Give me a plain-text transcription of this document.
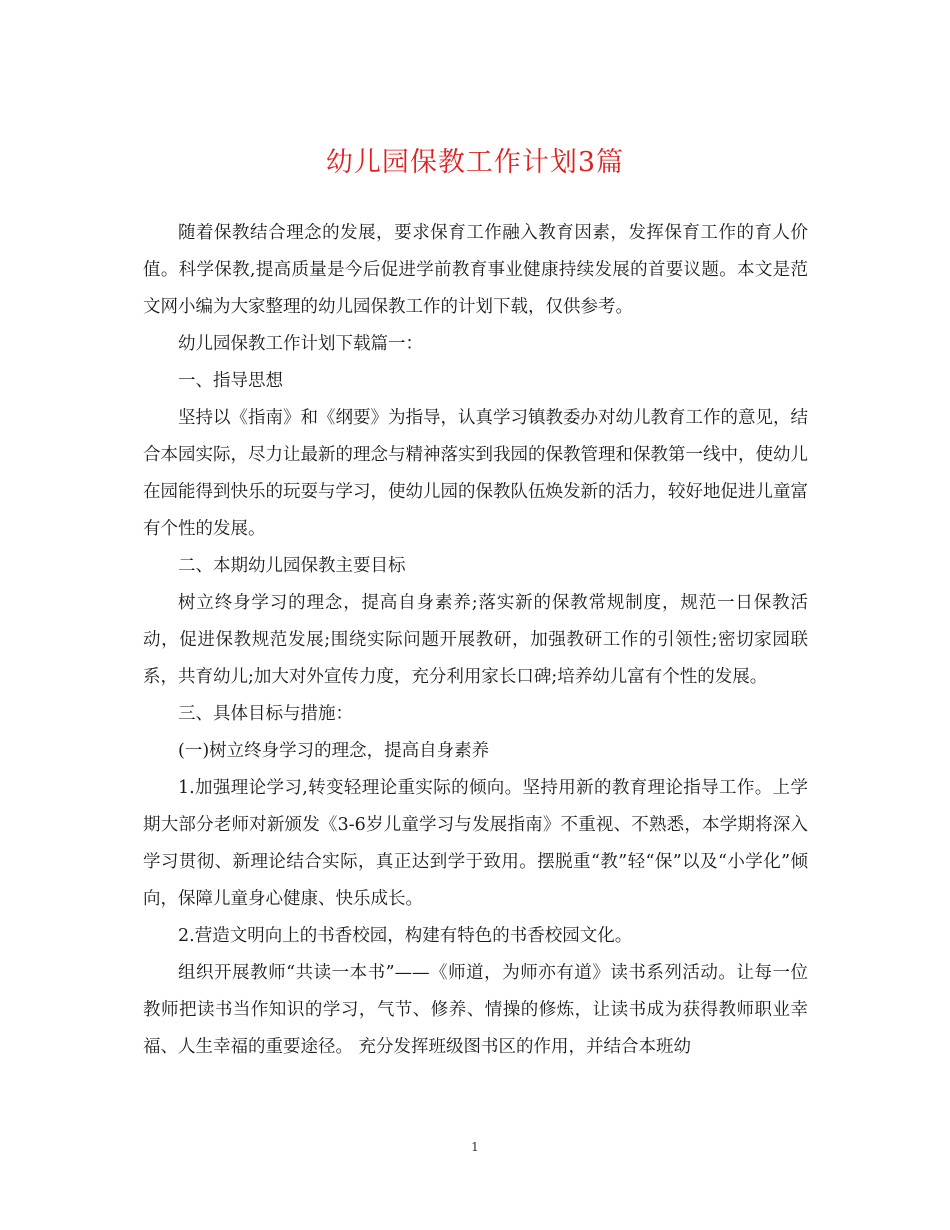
幼儿园保教工作计划3篇

随着保教结合理念的发展，要求保育工作融入教育因素，发挥保育工作的育人价值。科学保教,提高质量是今后促进学前教育事业健康持续发展的首要议题。本文是范文网小编为大家整理的幼儿园保教工作的计划下载，仅供参考。

幼儿园保教工作计划下载篇一：

一、指导思想

坚持以《指南》和《纲要》为指导，认真学习镇教委办对幼儿教育工作的意见，结合本园实际，尽力让最新的理念与精神落实到我园的保教管理和保教第一线中，使幼儿在园能得到快乐的玩耍与学习，使幼儿园的保教队伍焕发新的活力，较好地促进儿童富有个性的发展。

二、本期幼儿园保教主要目标

树立终身学习的理念，提高自身素养;落实新的保教常规制度，规范一日保教活动，促进保教规范发展;围绕实际问题开展教研，加强教研工作的引领性;密切家园联系，共育幼儿;加大对外宣传力度，充分利用家长口碑;培养幼儿富有个性的发展。

三、具体目标与措施：

(一)树立终身学习的理念，提高自身素养

1.加强理论学习,转变轻理论重实际的倾向。坚持用新的教育理论指导工作。上学期大部分老师对新颁发《3-6岁儿童学习与发展指南》不重视、不熟悉，本学期将深入学习贯彻、新理论结合实际，真正达到学于致用。摆脱重“教”轻“保”以及“小学化”倾向，保障儿童身心健康、快乐成长。

2.营造文明向上的书香校园，构建有特色的书香校园文化。

组织开展教师“共读一本书”——《师道，为师亦有道》读书系列活动。让每一位教师把读书当作知识的学习，气节、修养、情操的修炼，让读书成为获得教师职业幸福、人生幸福的重要途径。 充分发挥班级图书区的作用，并结合本班幼

1
